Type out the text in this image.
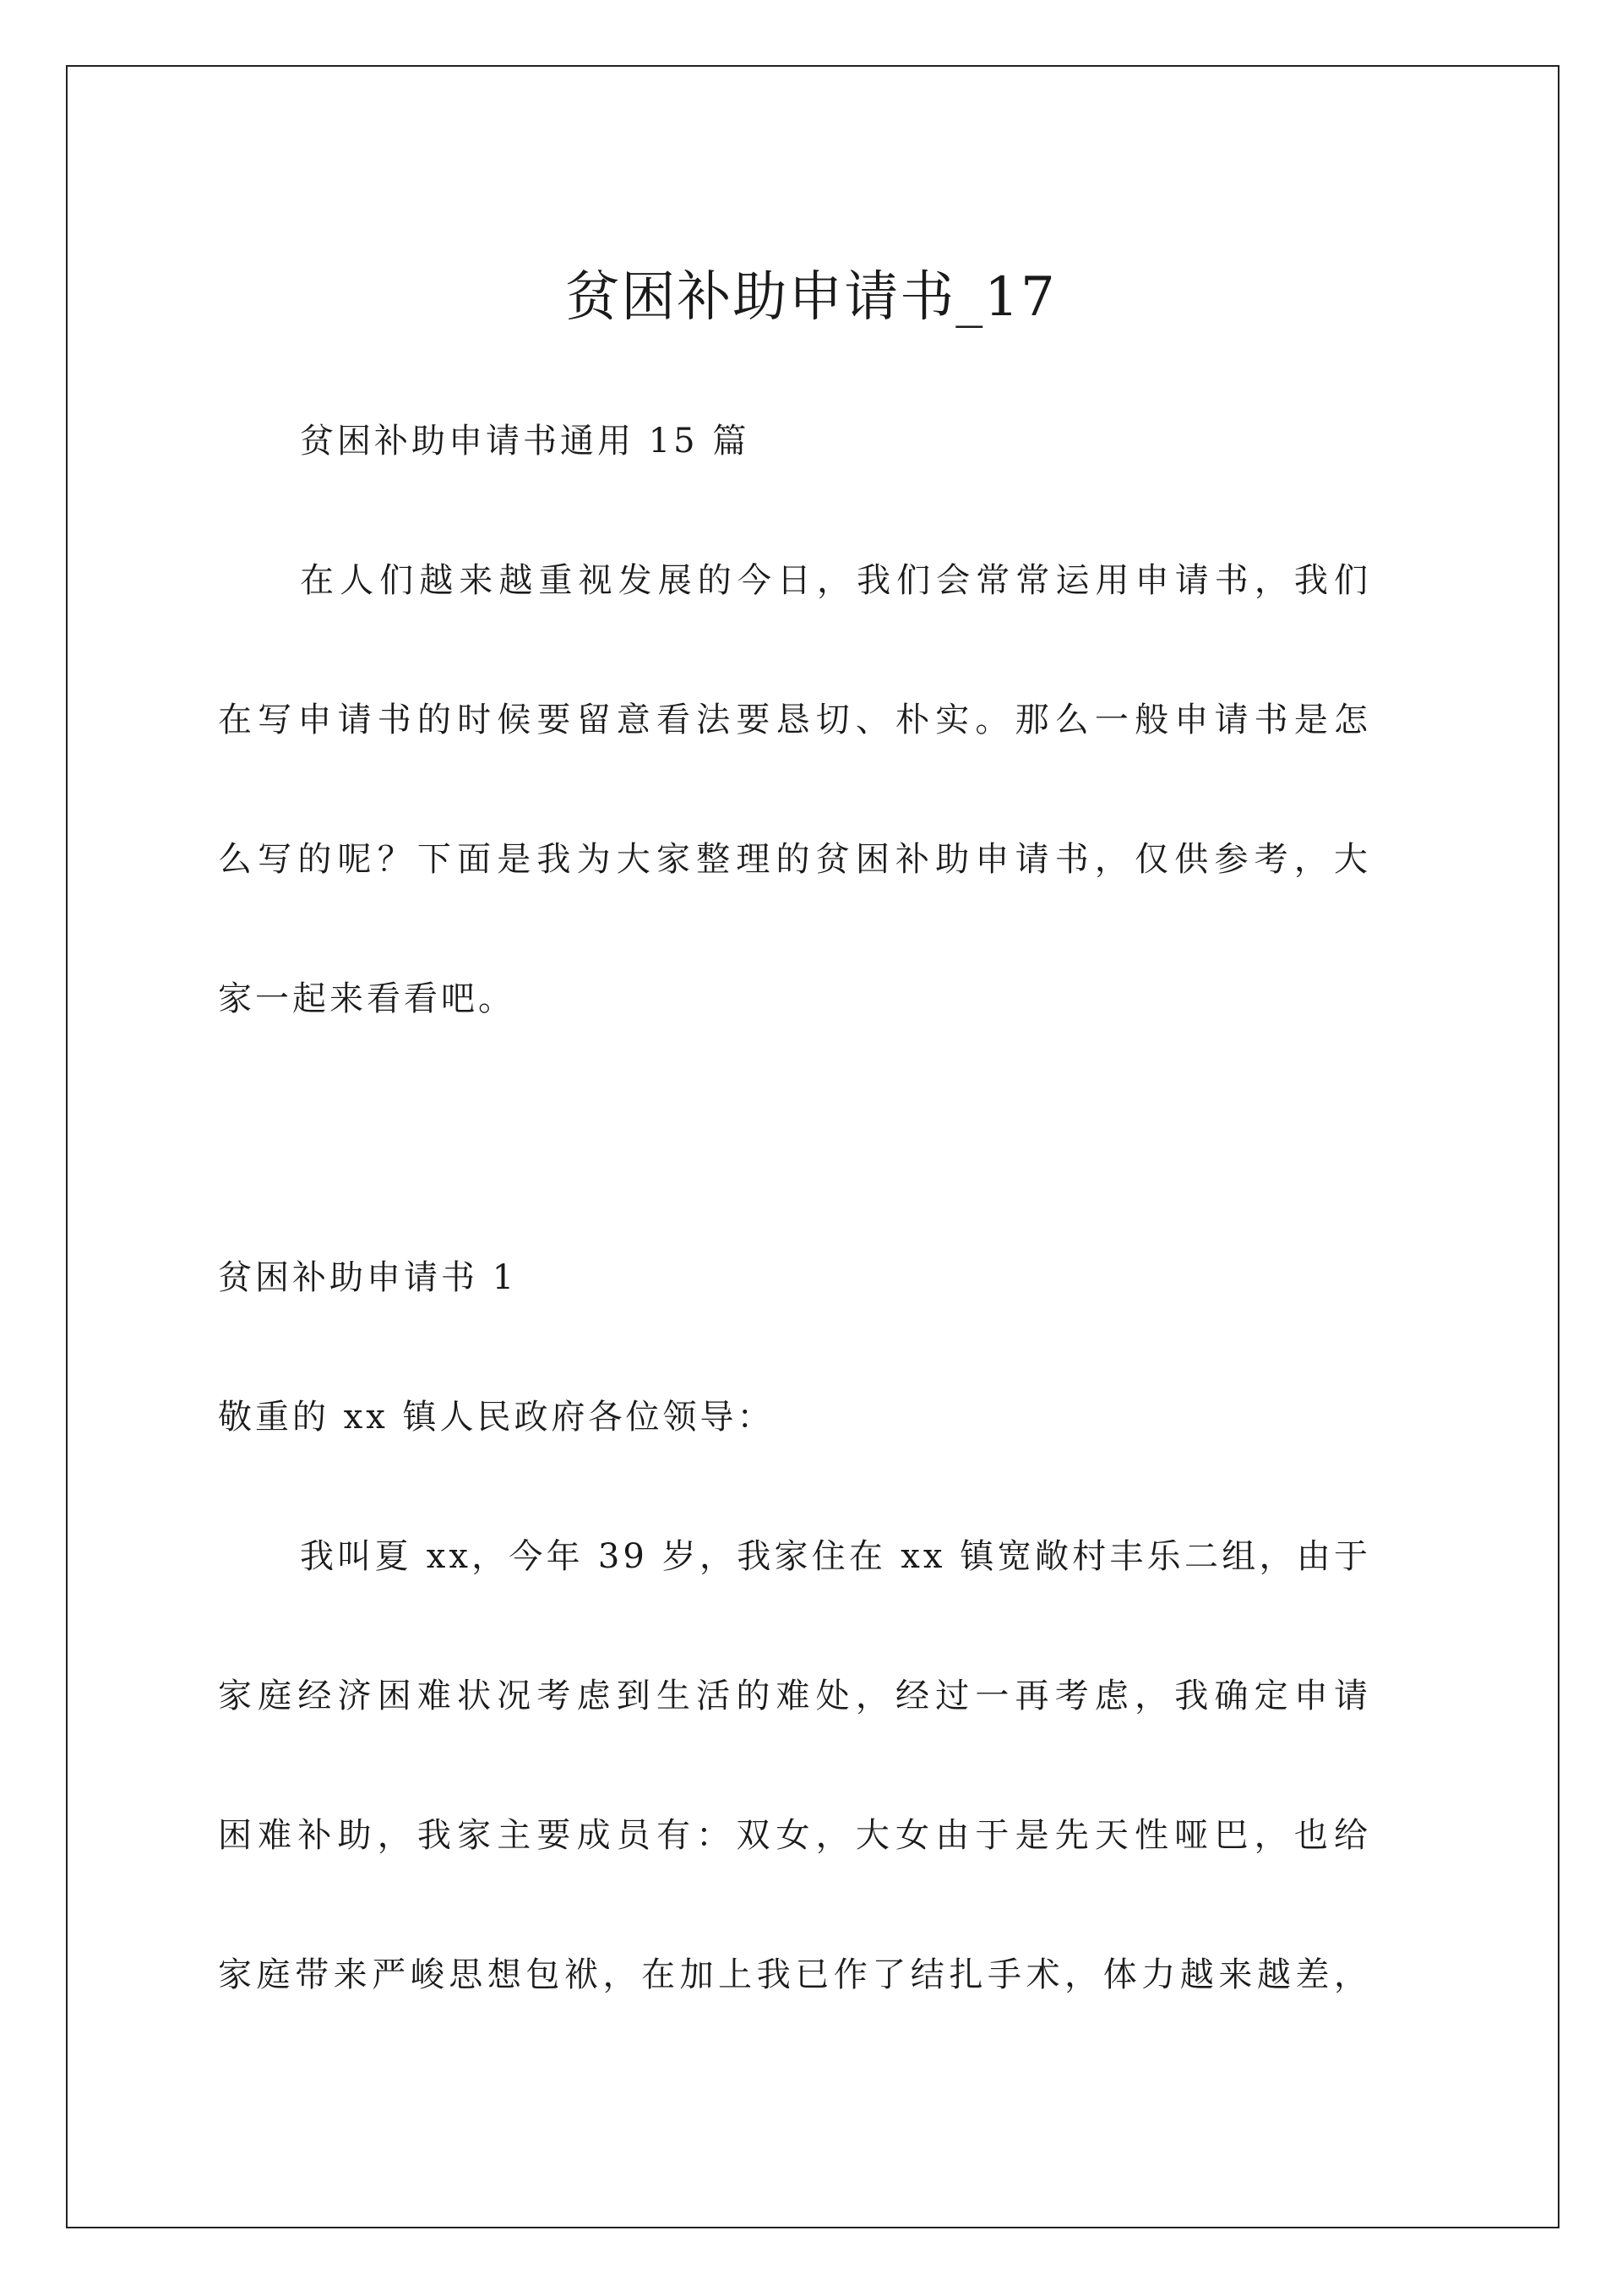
贫困补助申请书_17

贫困补助申请书通用 15 篇

在人们越来越重视发展的今日，我们会常常运用申请书，我们

在写申请书的时候要留意看法要恳切、朴实。那么一般申请书是怎

么写的呢？下面是我为大家整理的贫困补助申请书，仅供参考，大

家一起来看看吧。

贫困补助申请书 1

敬重的 xx 镇人民政府各位领导：

我叫夏 xx，今年 39 岁，我家住在 xx 镇宽敞村丰乐二组，由于

家庭经济困难状况考虑到生活的难处，经过一再考虑，我确定申请

困难补助，我家主要成员有：双女，大女由于是先天性哑巴，也给

家庭带来严峻思想包袱，在加上我已作了结扎手术，体力越来越差，
